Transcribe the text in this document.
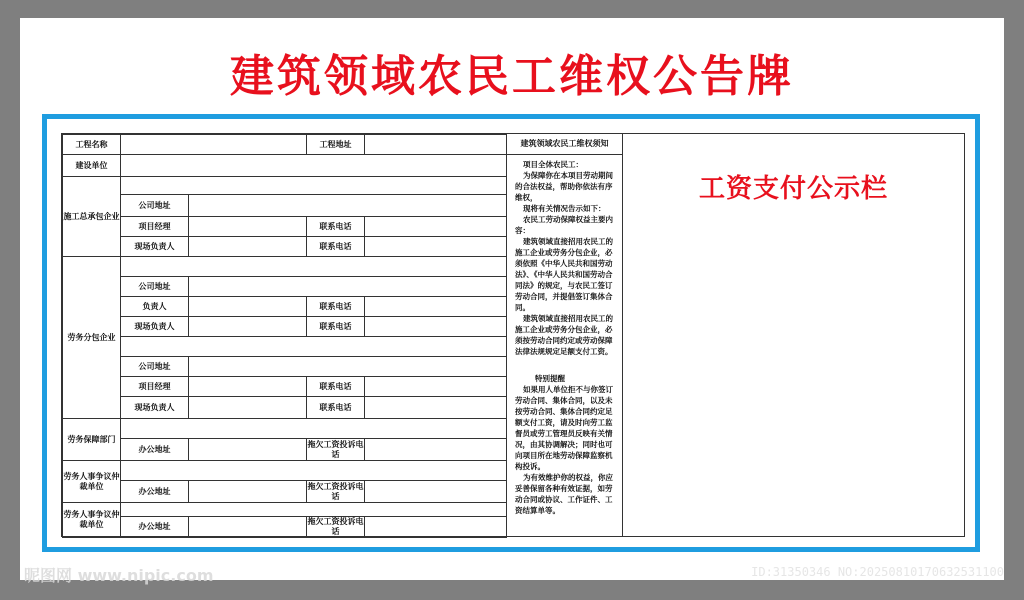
建筑领域农民工维权公告牌
工程名称			工程地址	
建设单位				
施工总承包企业				
	公司地址			
	项目经理		联系电话	
	现场负责人		联系电话	
劳务分包企业				
	公司地址			
	负责人		联系电话	
	现场负责人		联系电话	

	公司地址			
	项目经理		联系电话	
	现场负责人		联系电话	
劳务保障部门				
	办公地址		拖欠工资投诉电话	
劳务人事争议仲裁单位				
	办公地址		拖欠工资投诉电话	
劳务人事争议仲裁单位				
	办公地址		拖欠工资投诉电话	
建筑领域农民工维权须知

项目全体农民工：

为保障你在本项目劳动期间的合法权益，帮助你依法有序维权，

现将有关情况告示如下：

农民工劳动保障权益主要内容：

建筑领域直接招用农民工的施工企业或劳务分包企业，必须依照《中华人民共和国劳动法》、《中华人民共和国劳动合同法》的规定，与农民工签订劳动合同，并提倡签订集体合同。

建筑领域直接招用农民工的施工企业或劳务分包企业，必须按劳动合同约定或劳动保障法律法规规定足额支付工资。

特别提醒

如果用人单位拒不与你签订劳动合同、集体合同，以及未按劳动合同、集体合同约定足额支付工资，请及时向劳工监督员或劳工管理员反映有关情况，由其协调解决；同时也可向项目所在地劳动保障监察机构投诉。

为有效维护你的权益，你应妥善保留各种有效证据，如劳动合同或协议、工作证件、工资结算单等。

工资支付公示栏
昵图网 www.nipic.com	ID:31350346 NO:20250810170632531100
